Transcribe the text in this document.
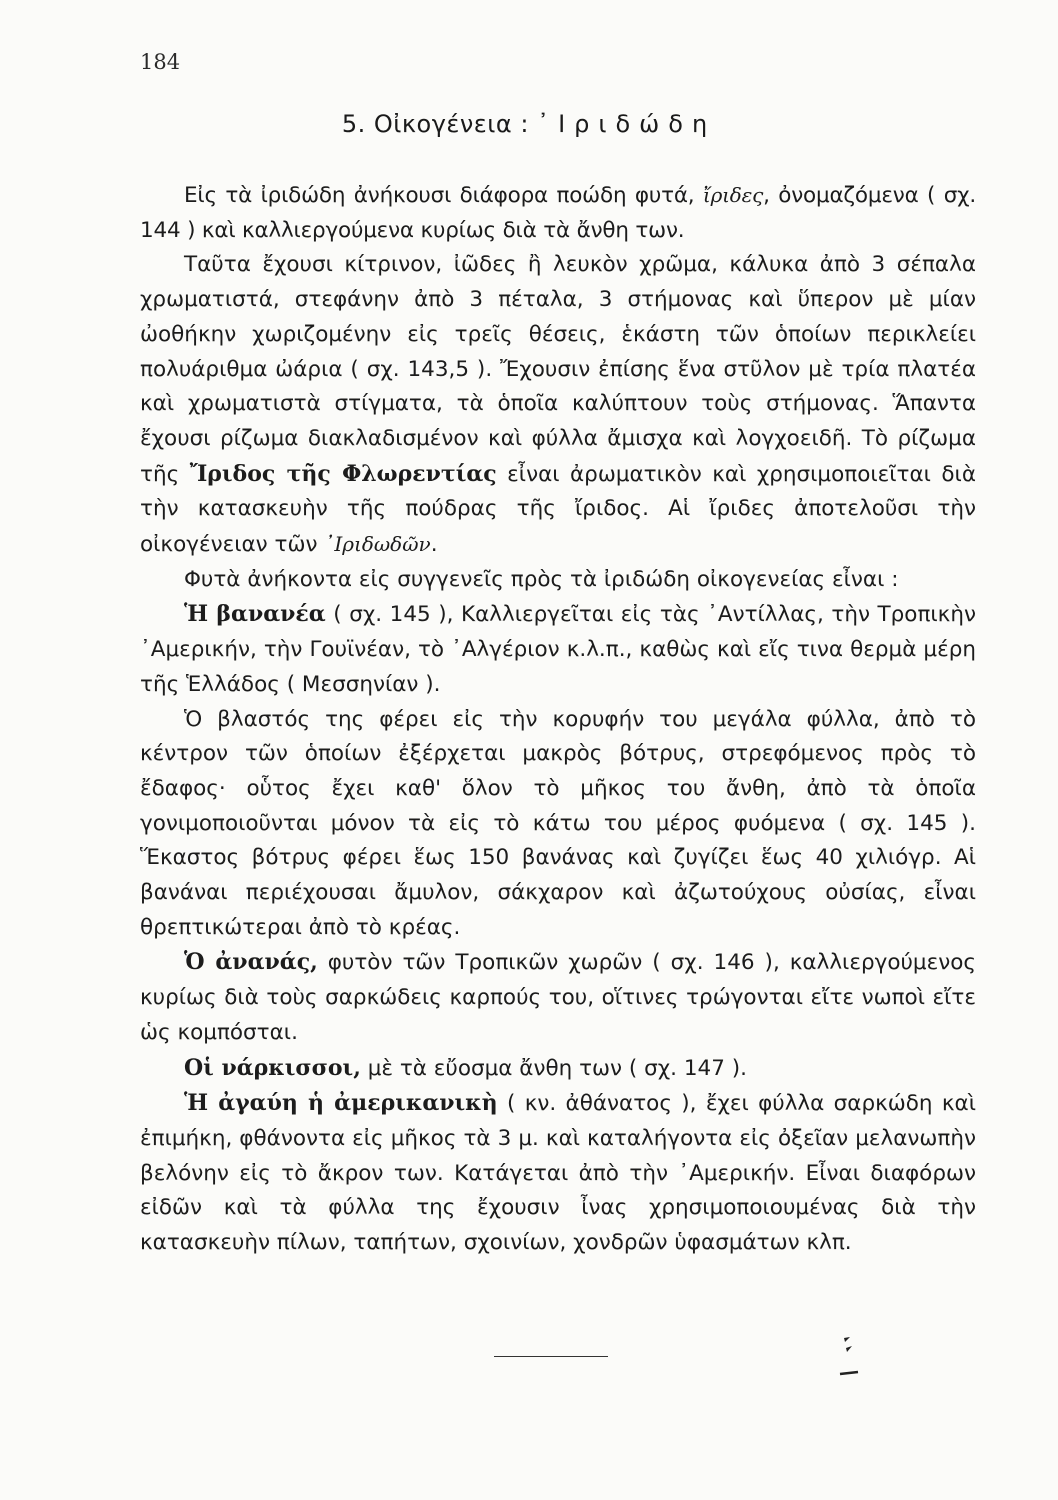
184
5. Οἰκογένεια : ᾿Ιριδώδη

Εἰς τὰ ἰριδώδη ἀνήκουσι διάφορα ποώδη φυτά, ἴριδες, ὀνομαζόμενα ( σχ. 144 ) καὶ καλλιεργούμενα κυρίως διὰ τὰ ἄνθη των.

Ταῦτα ἔχουσι κίτρινον, ἰῶδες ἢ λευκὸν χρῶμα, κάλυκα ἀπὸ 3 σέπαλα χρωματιστά, στεφάνην ἀπὸ 3 πέταλα, 3 στήμονας καὶ ὕπερον μὲ μίαν ὠοθήκην χωριζομένην εἰς τρεῖς θέσεις, ἑκάστη τῶν ὁποίων περικλείει πολυάριθμα ὠάρια ( σχ. 143,5 ). Ἔχουσιν ἐπίσης ἕνα στῦλον μὲ τρία πλατέα καὶ χρωματιστὰ στίγματα, τὰ ὁποῖα καλύπτουν τοὺς στήμονας. Ἅπαντα ἔχουσι ρίζωμα διακλαδισμένον καὶ φύλλα ἄμισχα καὶ λογχοειδῆ. Τὸ ρίζωμα τῆς Ἴριδος τῆς Φλωρεντίας εἶναι ἀρωματικὸν καὶ χρησιμοποιεῖται διὰ τὴν κατασκευὴν τῆς πούδρας τῆς ἴριδος. Αἱ ἴριδες ἀποτελοῦσι τὴν οἰκογένειαν τῶν ᾿Ιριδωδῶν.

Φυτὰ ἀνήκοντα εἰς συγγενεῖς πρὸς τὰ ἰριδώδη οἰκογενείας εἶναι :

Ἡ βανανέα ( σχ. 145 ), Καλλιεργεῖται εἰς τὰς ᾿Αντίλλας, τὴν Τροπικὴν ᾿Αμερικήν, τὴν Γουϊνέαν, τὸ ᾿Αλγέριον κ.λ.π., καθὼς καὶ εἴς τινα θερμὰ μέρη τῆς Ἑλλάδος ( Μεσσηνίαν ).

Ὁ βλαστός της φέρει εἰς τὴν κορυφήν του μεγάλα φύλλα, ἀπὸ τὸ κέντρον τῶν ὁποίων ἐξέρχεται μακρὸς βότρυς, στρεφόμενος πρὸς τὸ ἔδαφος· οὗτος ἔχει καθ' ὅλον τὸ μῆκος του ἄνθη, ἀπὸ τὰ ὁποῖα γονιμοποιοῦνται μόνον τὰ εἰς τὸ κάτω του μέρος φυόμενα ( σχ. 145 ). Ἕκαστος βότρυς φέρει ἕως 150 βανάνας καὶ ζυγίζει ἕως 40 χιλιόγρ. Αἱ βανάναι περιέχουσαι ἄμυλον, σάκχαρον καὶ ἀζωτούχους οὐσίας, εἶναι θρεπτικώτεραι ἀπὸ τὸ κρέας.

Ὁ ἀνανάς, φυτὸν τῶν Τροπικῶν χωρῶν ( σχ. 146 ), καλλιεργούμενος κυρίως διὰ τοὺς σαρκώδεις καρπούς του, οἵτινες τρώγονται εἴτε νωποὶ εἴτε ὡς κομπόσται.

Οἱ νάρκισσοι, μὲ τὰ εὔοσμα ἄνθη των ( σχ. 147 ).

Ἡ ἀγαύη ἡ ἀμερικανικὴ ( κν. ἀθάνατος ), ἔχει φύλλα σαρκώδη καὶ ἐπιμήκη, φθάνοντα εἰς μῆκος τὰ 3 μ. καὶ καταλήγοντα εἰς ὀξεῖαν μελανωπὴν βελόνην εἰς τὸ ἄκρον των. Κατάγεται ἀπὸ τὴν ᾿Αμερικήν. Εἶναι διαφόρων εἰδῶν καὶ τὰ φύλλα της ἔχουσιν ἶνας χρησιμοποιουμένας διὰ τὴν κατασκευὴν πίλων, ταπήτων, σχοινίων, χονδρῶν ὑφασμάτων κλπ.
